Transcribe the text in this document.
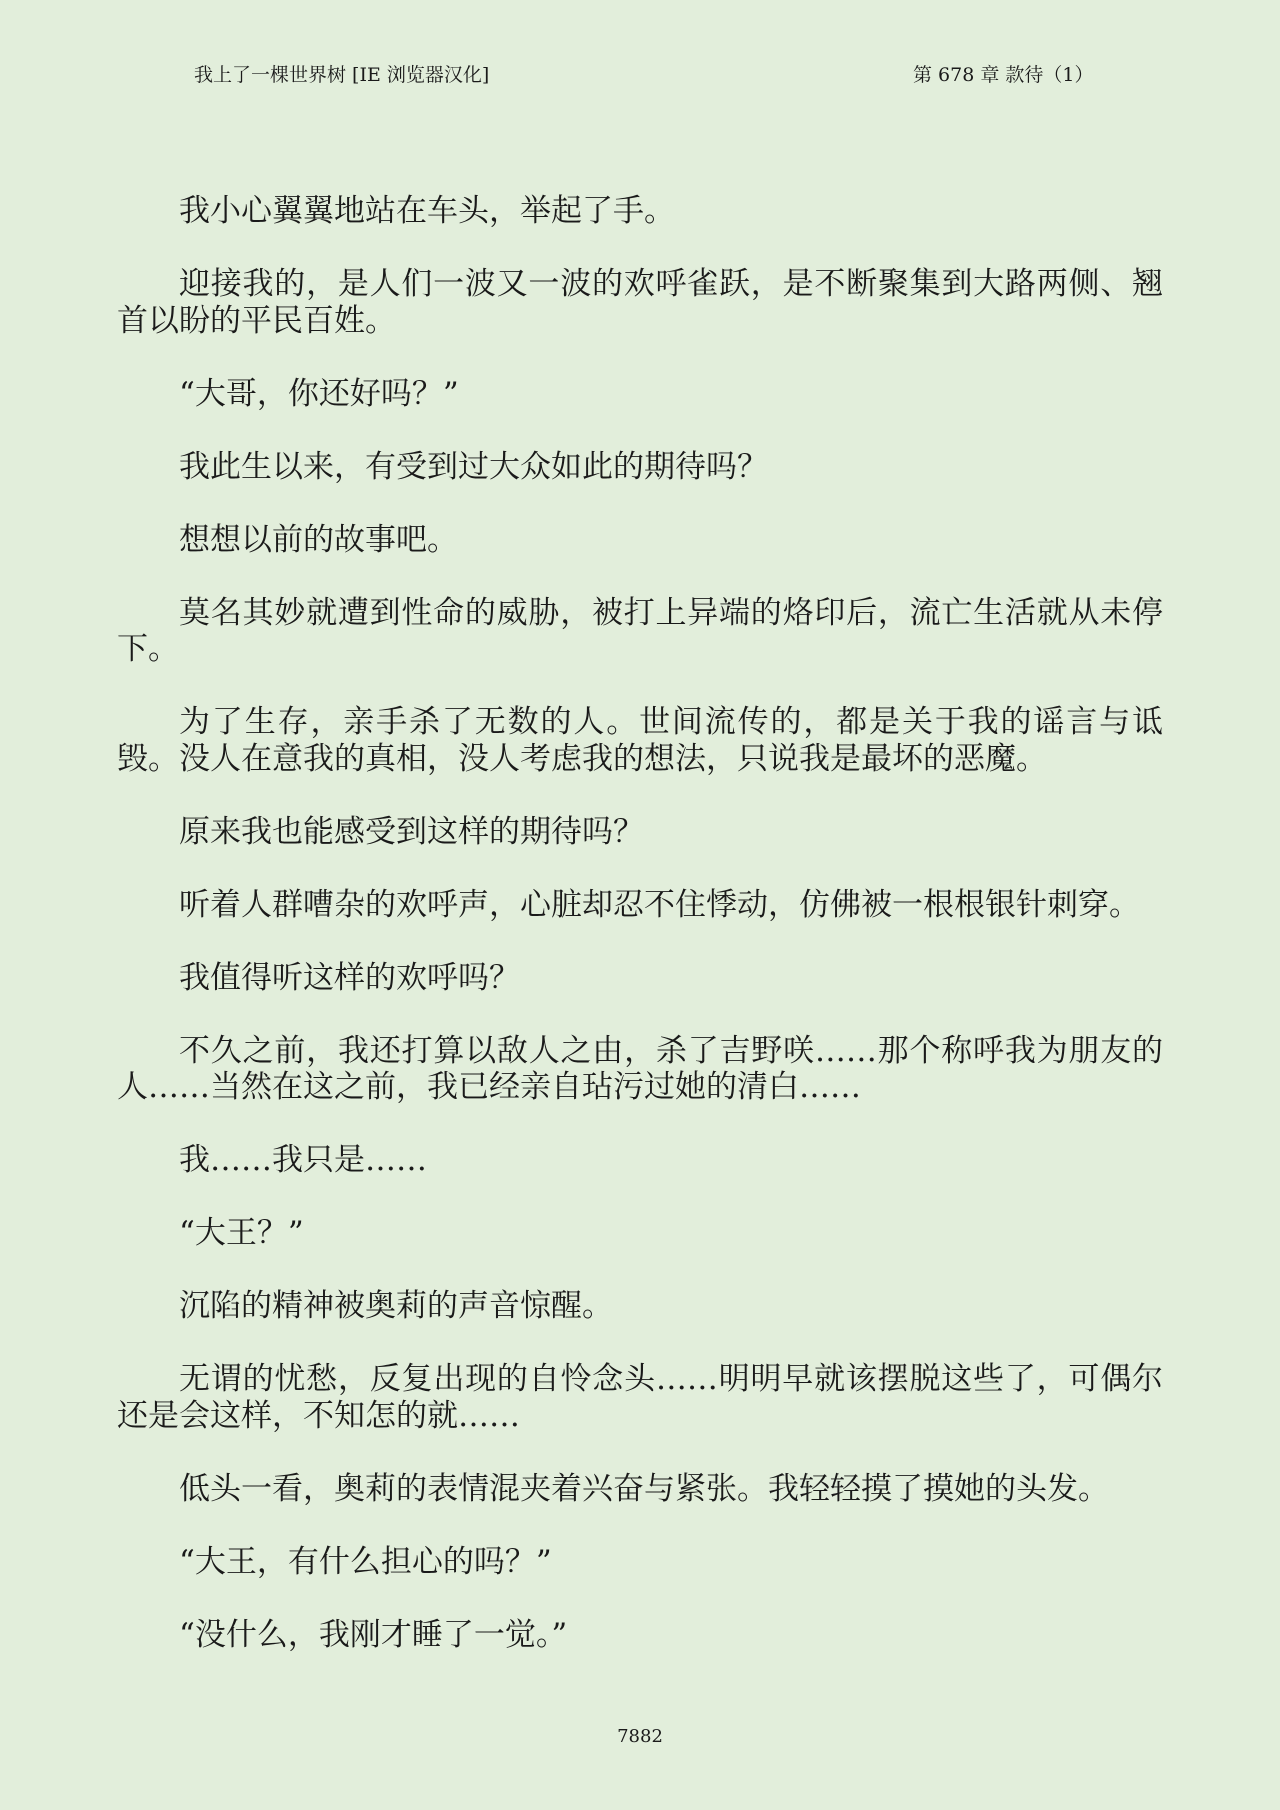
我上了一棵世界树 [IE 浏览器汉化]	第 678 章 款待（1）

我小心翼翼地站在车头，举起了手。

迎接我的，是人们一波又一波的欢呼雀跃，是不断聚集到大路两侧、翘首以盼的平民百姓。

“大哥，你还好吗？”

我此生以来，有受到过大众如此的期待吗？

想想以前的故事吧。

莫名其妙就遭到性命的威胁，被打上异端的烙印后，流亡生活就从未停下。

为了生存，亲手杀了无数的人。世间流传的，都是关于我的谣言与诋毁。没人在意我的真相，没人考虑我的想法，只说我是最坏的恶魔。

原来我也能感受到这样的期待吗？

听着人群嘈杂的欢呼声，心脏却忍不住悸动，仿佛被一根根银针刺穿。

我值得听这样的欢呼吗？

不久之前，我还打算以敌人之由，杀了吉野咲……那个称呼我为朋友的人……当然在这之前，我已经亲自玷污过她的清白……

我……我只是……

“大王？”

沉陷的精神被奥莉的声音惊醒。

无谓的忧愁，反复出现的自怜念头……明明早就该摆脱这些了，可偶尔还是会这样，不知怎的就……

低头一看，奥莉的表情混夹着兴奋与紧张。我轻轻摸了摸她的头发。

“大王，有什么担心的吗？”

“没什么，我刚才睡了一觉。”

7882
